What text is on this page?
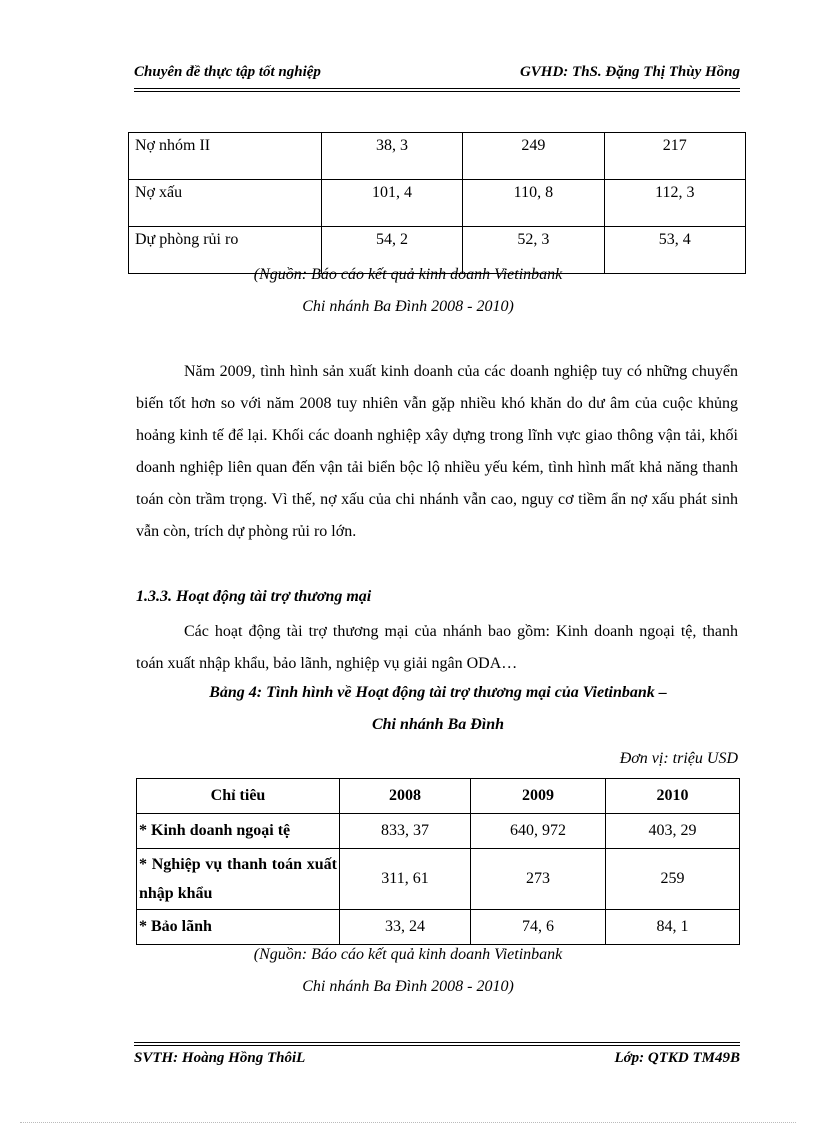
Chuyên đề thực tập tốt nghiệp	GVHD: ThS. Đặng Thị Thùy Hồng
Nợ nhóm II	38, 3	249	217
Nợ xấu	101, 4	110, 8	112, 3
Dự phòng rủi ro	54, 2	52, 3	53, 4
(Nguồn: Báo cáo kết quả kinh doanh Vietinbank
Chi nhánh Ba Đình 2008 - 2010)
Năm 2009, tình hình sản xuất kinh doanh của các doanh nghiệp tuy có những chuyển biến tốt hơn so với năm 2008 tuy nhiên vẫn gặp nhiều khó khăn do dư âm của cuộc khủng hoảng kinh tế để lại. Khối các doanh nghiệp xây dựng trong lĩnh vực giao thông vận tải, khối doanh nghiệp liên quan đến vận tải biển bộc lộ nhiều yếu kém, tình hình mất khả năng thanh toán còn trầm trọng. Vì thế, nợ xấu của chi nhánh vẫn cao, nguy cơ tiềm ẩn nợ xấu phát sinh vẫn còn, trích dự phòng rủi ro lớn.
1.3.3. Hoạt động tài trợ thương mại
Các hoạt động tài trợ thương mại của nhánh bao gồm: Kinh doanh ngoại tệ, thanh toán xuất nhập khẩu, bảo lãnh, nghiệp vụ giải ngân ODA…
Bảng 4: Tình hình về Hoạt động tài trợ thương mại của Vietinbank –
Chi nhánh Ba Đình
Đơn vị: triệu USD
Chỉ tiêu	2008	2009	2010
* Kinh doanh ngoại tệ	833, 37	640, 972	403, 29
* Nghiệp vụ thanh toán xuất nhập khẩu	311, 61	273	259
* Bảo lãnh	33, 24	74, 6	84, 1
(Nguồn: Báo cáo kết quả kinh doanh Vietinbank
Chi nhánh Ba Đình 2008 - 2010)
SVTH: Hoàng Hồng ThôiL	Lớp: QTKD TM49B
